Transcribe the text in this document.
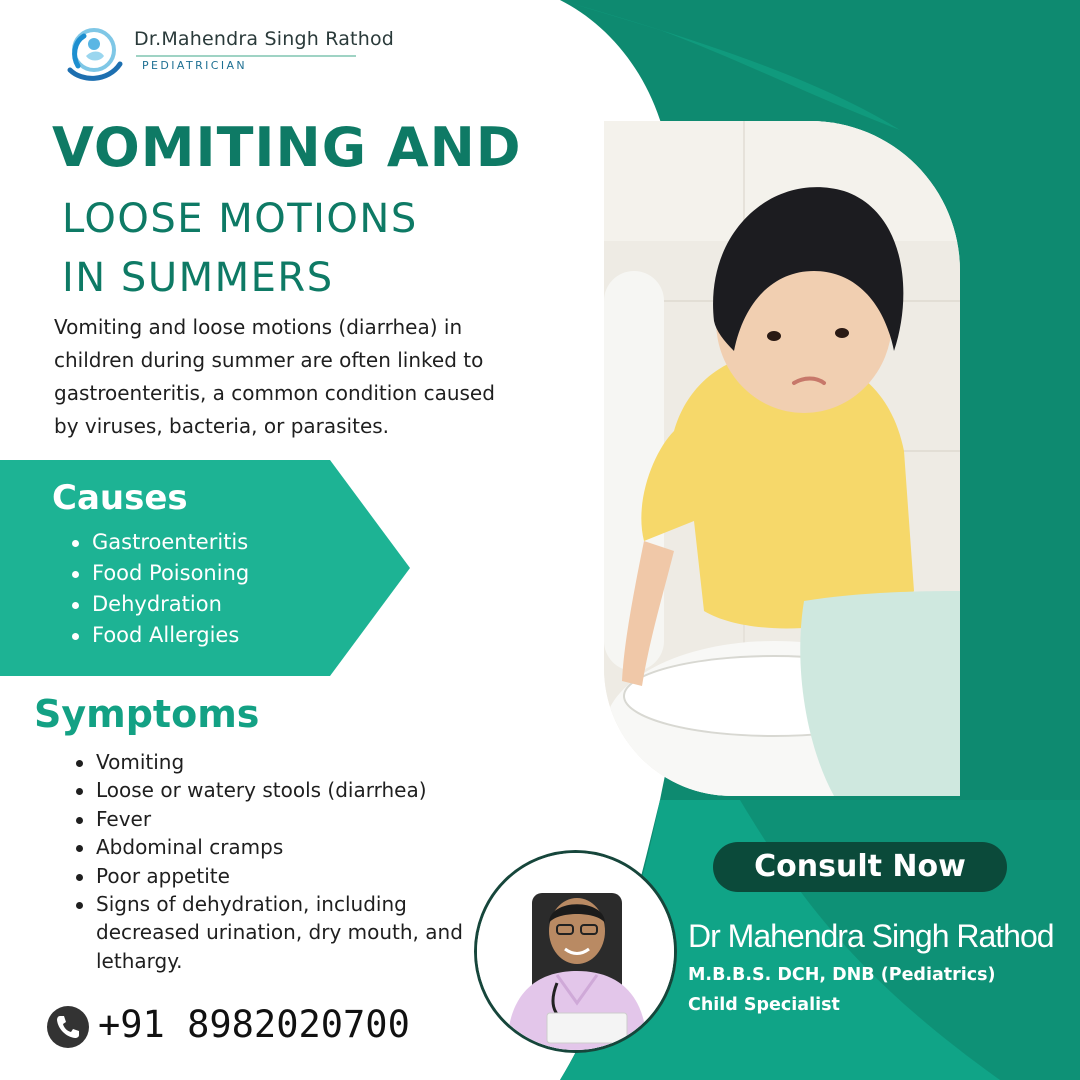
Dr.Mahendra Singh Rathod
PEDIATRICIAN
VOMITING AND
LOOSE MOTIONS
IN SUMMERS
Vomiting and loose motions (diarrhea) in children during summer are often linked to gastroenteritis, a common condition caused by viruses, bacteria, or parasites.
Causes
Gastroenteritis
Food Poisoning
Dehydration
Food Allergies
Symptoms
Vomiting
Loose or watery stools (diarrhea)
Fever
Abdominal cramps
Poor appetite
Signs of dehydration, including decreased urination, dry mouth, and lethargy.
+91 8982020700
Consult Now
Dr Mahendra Singh Rathod
M.B.B.S. DCH, DNB (Pediatrics)
Child Specialist
